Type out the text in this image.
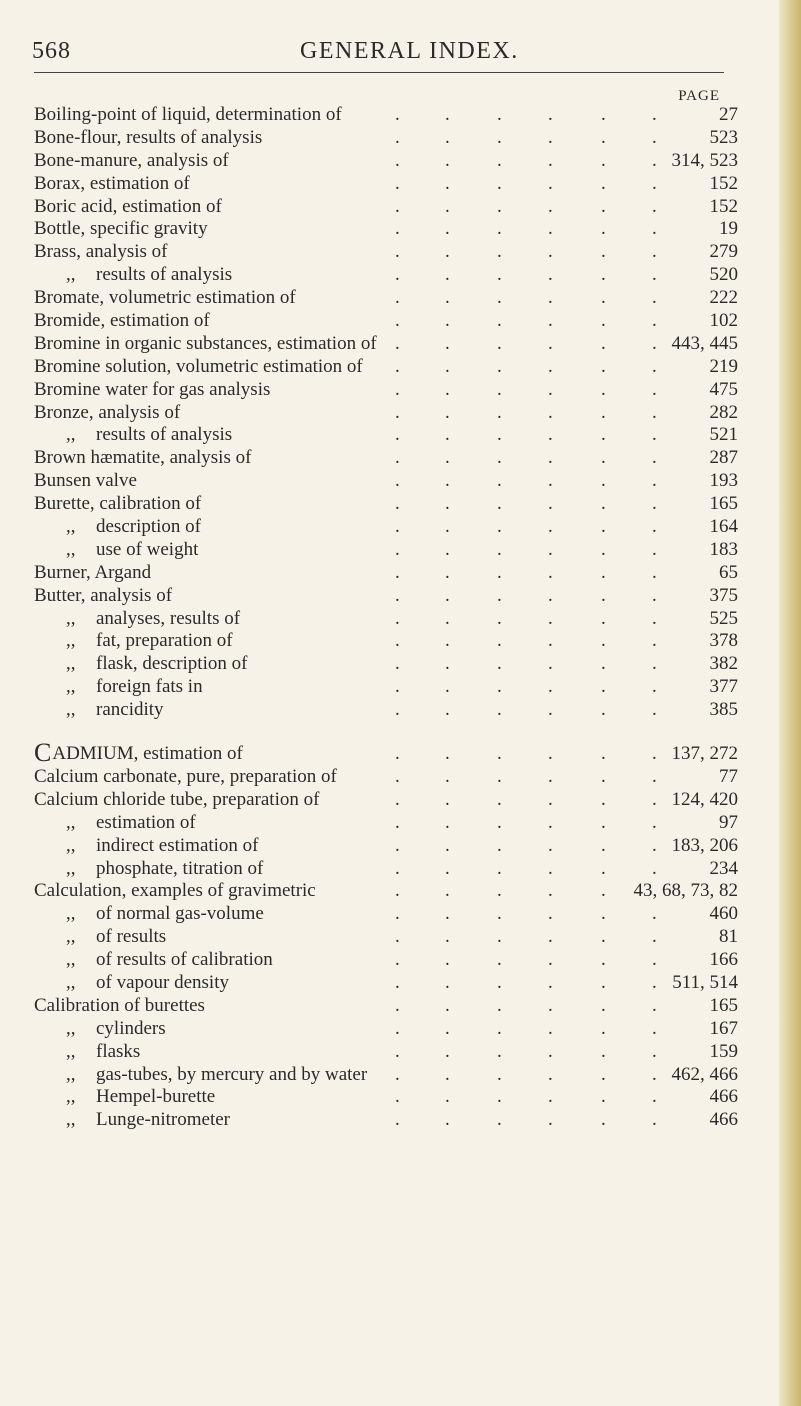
568	GENERAL INDEX.
PAGE
Boiling-point of liquid, determination of	27
. . . .	. .
Bone-flour, results of analysis	523
. . . .	. .
Bone-manure, analysis of	314, 523
. . . .	. .
Borax, estimation of	152
. . . .	. .
Boric acid, estimation of	152
. . . .	. .
Bottle, specific gravity	19
. . . .	. .
Brass, analysis of	279
. . . .	. .
,, results of analysis	520
. . . .	. .
Bromate, volumetric estimation of	222
. . . .	. .
Bromide, estimation of	102
. . . .	. .
Bromine in organic substances, estimation of	443, 445
. . . .	. .
Bromine solution, volumetric estimation of	219
. . . .	. .
Bromine water for gas analysis	475
. . . .	. .
Bronze, analysis of	282
. . . .	. .
,, results of analysis	521
. . . .	. .
Brown hæmatite, analysis of	287
. . . .	. .
Bunsen valve	193
. . . .	. .
Burette, calibration of	165
. . . .	. .
,, description of	164
. . . .	. .
,, use of weight	183
. . . .	. .
Burner, Argand	65
. . . .	. .
Butter, analysis of	375
. . . .	. .
,, analyses, results of	525
. . . .	. .
,, fat, preparation of	378
. . . .	. .
,, flask, description of	382
. . . .	. .
,, foreign fats in	377
. . . .	. .
,, rancidity	385
. . . .	. .
CADMIUM, estimation of	137, 272
. . . .	. .
Calcium carbonate, pure, preparation of	77
. . . .	. .
Calcium chloride tube, preparation of	124, 420
. . . .	. .
,, estimation of	97
. . . .	. .
,, indirect estimation of	183, 206
. . . .	. .
,, phosphate, titration of	234
. . . .	. .
Calculation, examples of gravimetric	43, 68, 73, 82
. . . .	.
,, of normal gas-volume	460
. . . .	. .
,, of results	81
. . . .	. .
,, of results of calibration	166
. . . .	. .
,, of vapour density	511, 514
. . . .	. .
Calibration of burettes	165
. . . .	. .
,, cylinders	167
. . . .	. .
,, flasks	159
. . . .	. .
,, gas-tubes, by mercury and by water	462, 466
. . . .	. .
,, Hempel-burette	466
. . . .	. .
,, Lunge-nitrometer	466
. . . .	. .
